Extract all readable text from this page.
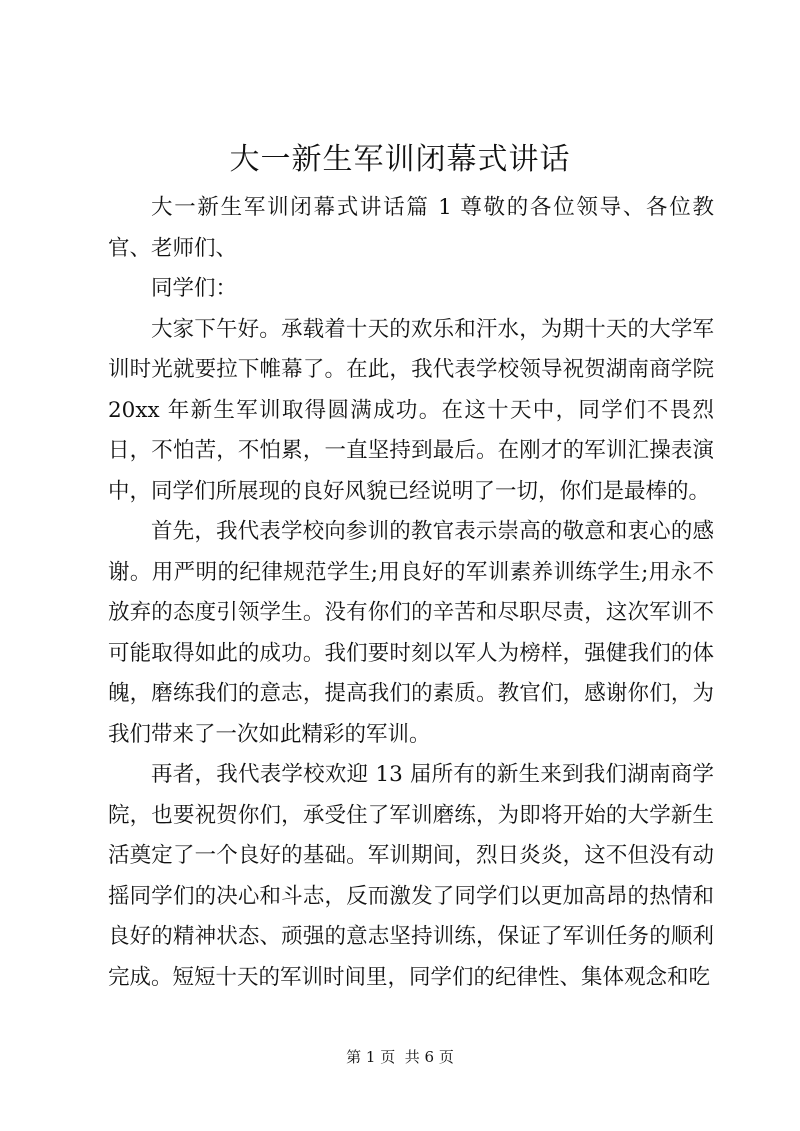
大一新生军训闭幕式讲话

大一新生军训闭幕式讲话篇 1 尊敬的各位领导、各位教官、老师们、

同学们：

大家下午好。承载着十天的欢乐和汗水，为期十天的大学军训时光就要拉下帷幕了。在此，我代表学校领导祝贺湖南商学院 20xx 年新生军训取得圆满成功。在这十天中，同学们不畏烈日，不怕苦，不怕累，一直坚持到最后。在刚才的军训汇操表演中，同学们所展现的良好风貌已经说明了一切，你们是最棒的。

首先，我代表学校向参训的教官表示崇高的敬意和衷心的感谢。用严明的纪律规范学生;用良好的军训素养训练学生;用永不放弃的态度引领学生。没有你们的辛苦和尽职尽责，这次军训不可能取得如此的成功。我们要时刻以军人为榜样，强健我们的体魄，磨练我们的意志，提高我们的素质。教官们，感谢你们，为我们带来了一次如此精彩的军训。

再者，我代表学校欢迎 13 届所有的新生来到我们湖南商学院，也要祝贺你们，承受住了军训磨练，为即将开始的大学新生活奠定了一个良好的基础。军训期间，烈日炎炎，这不但没有动摇同学们的决心和斗志，反而激发了同学们以更加高昂的热情和良好的精神状态、顽强的意志坚持训练，保证了军训任务的顺利完成。短短十天的军训时间里，同学们的纪律性、集体观念和吃

第 1 页  共 6 页
